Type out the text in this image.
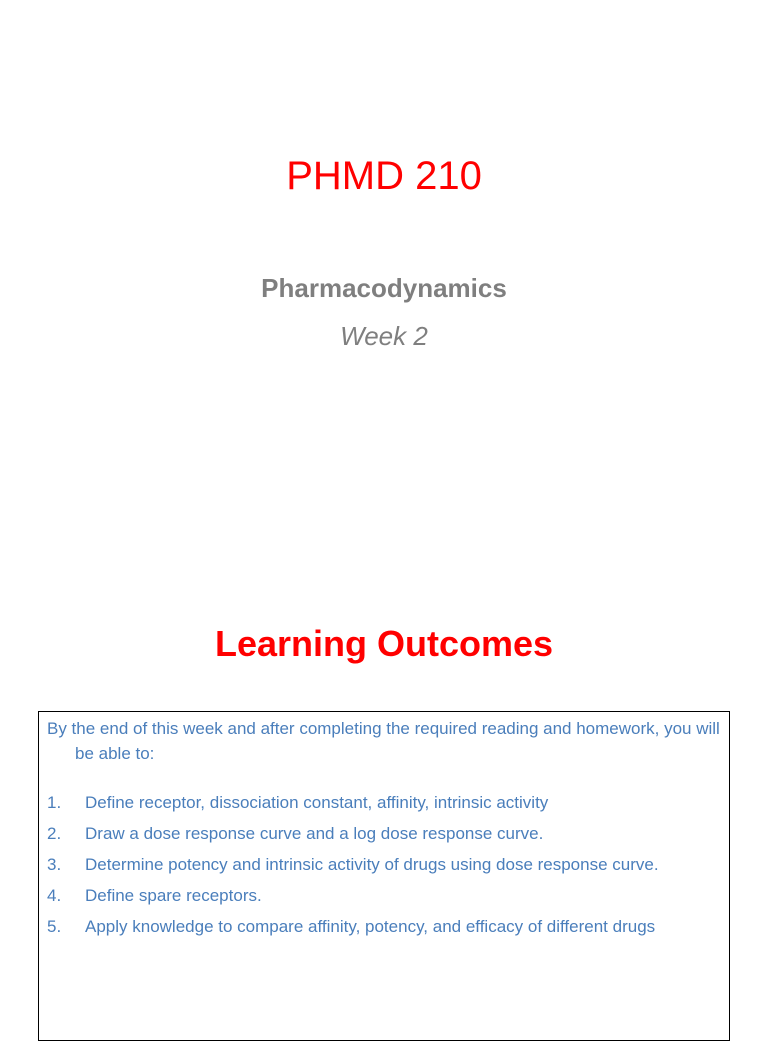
PHMD 210
Pharmacodynamics
Week 2
Learning Outcomes

By the end of this week and after completing the required reading and homework, you will be able to:

1.	Define receptor, dissociation constant, affinity, intrinsic activity
2.	Draw a dose response curve and a log dose response curve.
3.	Determine potency and intrinsic activity of drugs using dose response curve.
4.	Define spare receptors.
5.	Apply knowledge to compare affinity, potency, and efficacy of different drugs
